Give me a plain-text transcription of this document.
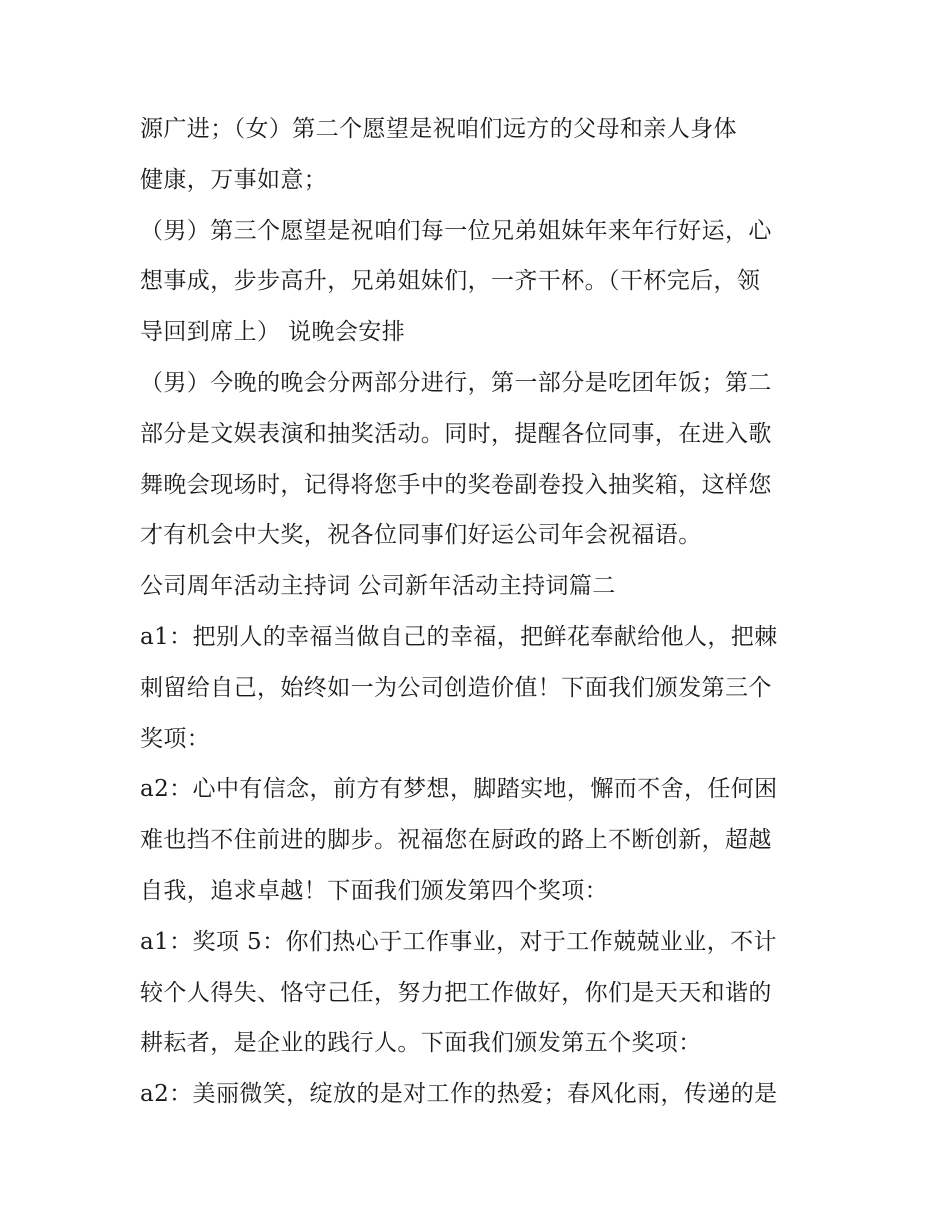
源广进；（女）第二个愿望是祝咱们远方的父母和亲人身体
健康，万事如意；
（男）第三个愿望是祝咱们每一位兄弟姐妹年来年行好运，心
想事成，步步高升，兄弟姐妹们，一齐干杯。（干杯完后，领
导回到席上） 说晚会安排
（男）今晚的晚会分两部分进行，第一部分是吃团年饭；第二
部分是文娱表演和抽奖活动。同时，提醒各位同事，在进入歌
舞晚会现场时，记得将您手中的奖卷副卷投入抽奖箱，这样您
才有机会中大奖，祝各位同事们好运公司年会祝福语。
公司周年活动主持词 公司新年活动主持词篇二
a1：把别人的幸福当做自己的幸福，把鲜花奉献给他人，把棘
刺留给自己，始终如一为公司创造价值！下面我们颁发第三个
奖项：
a2：心中有信念，前方有梦想，脚踏实地，懈而不舍，任何困
难也挡不住前进的脚步。祝福您在厨政的路上不断创新，超越
自我，追求卓越！下面我们颁发第四个奖项：
a1：奖项 5：你们热心于工作事业，对于工作兢兢业业，不计
较个人得失、恪守己任，努力把工作做好，你们是天天和谐的
耕耘者，是企业的践行人。下面我们颁发第五个奖项：
a2：美丽微笑，绽放的是对工作的热爱；春风化雨，传递的是
